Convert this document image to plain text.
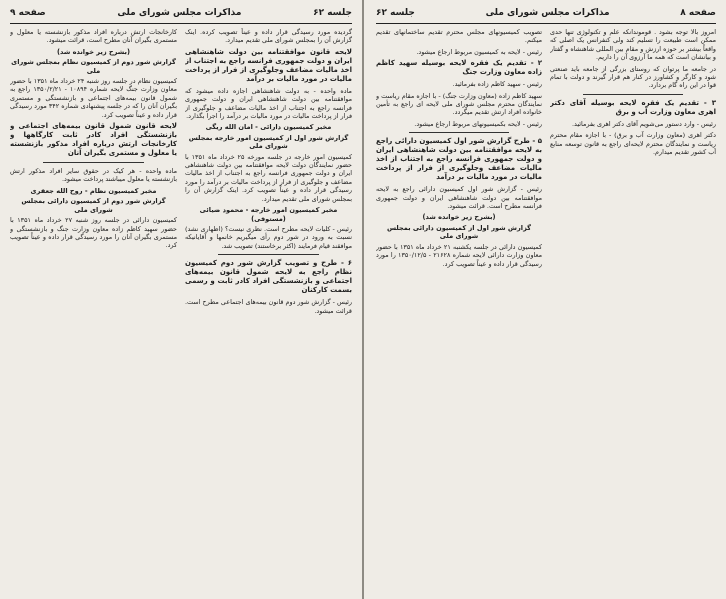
جلسه ۶۲
مذاکرات مجلس شورای ملی
صفحه ۹

گردیده مورد رسیدگی قرار داده و عیناً تصویب کرده. اینک گزارش آن را بمجلس شورای ملی تقدیم میدارد.

لایحه قانون موافقتنامه بین دولت شاهنشاهی ایران و دولت جمهوری فرانسه راجع به اجتناب از اخذ مالیات مضاعف وجلوگیری از فرار از پرداخت مالیات در مورد مالیات بر درآمد

ماده واحده - به دولت شاهنشاهی اجازه داده میشود که موافقتنامه بین دولت شاهنشاهی ایران و دولت جمهوری فرانسه راجع به اجتناب از اخذ مالیات مضاعف و جلوگیری از فرار از پرداخت مالیات در مورد مالیات بر درآمد را اجرا بگذارد.

مخبر کمیسیون دارائی - امان الله ریگی

گزارش شور اول از کمیسیون امور خارجه بمجلس شورای ملی

کمیسیون امور خارجه در جلسه مورخه ۲۵ خرداد ماه ۱۳۵۱ با حضور نمایندگان دولت لایحه موافقتنامه بین دولت شاهنشاهی ایران و دولت جمهوری فرانسه راجع به اجتناب از اخذ مالیات مضاعف و جلوگیری از فرار از پرداخت مالیات بر درآمد را مورد رسیدگی قرار داده و عیناً تصویب کرد. اینک گزارش آن را بمجلس شورای ملی تقدیم میدارد.

مخبر کمیسیون امور خارجه - محمود ضیائی (مستوفی)

رئیس - کلیات لایحه مطرح است. نظری نیست؟ (اظهاری نشد) نسبت به ورود در شور دوم رأی میگیریم خانمها و آقایانیکه موافقند قیام فرمایند (اکثر برخاستند) تصویب شد.

۶ - طرح و تصویب گزارش شور دوم کمیسیون نظام راجع به لایحه شمول قانون بیمه‌های اجتماعی و بازنشستگی افراد کادر ثابت و رسمی بسمت کارکنان

رئیس - گزارش شور دوم قانون بیمه‌های اجتماعی مطرح است. قرائت میشود.

کارخانجات ارتش درباره افراد مذکور بازنشسته یا معلول و مستمری بگیران آنان مطرح است، قرائت میشود.

(بشرح زیر خوانده شد)

گزارش شور دوم از کمیسیون نظام بمجلس شورای ملی

کمیسیون نظام در جلسه روز شنبه ۲۴ خرداد ماه ۱۳۵۱ با حضور معاون وزارت جنگ لایحه شماره ۱۰۸۹۴ - ۱۳۵۰/۲/۲۱ راجع به شمول قانون بیمه‌های اجتماعی و بازنشستگی و مستمری بگیران آنان را که در جلسه پیشنهادی شماره ۳۴۲ مورد رسیدگی قرار داده و عیناً تصویب کرد.

لایحه قانون شمول قانون بیمه‌های اجتماعی و بازنشستگی افراد کادر ثابت کارگاهها و کارخانجات ارتش درباره افراد مذکور بازنشسته یا معلول و مستمری بگیران آنان

ماده واحده - هر کیک در حقوق سایر افراد مذکور ارتش بازنشسته یا معلول میباشند پرداخت میشود.

مخبر کمیسیون نظام - روح الله جعفری

گزارش شور دوم از کمیسیون دارائی بمجلس شورای ملی

کمیسیون دارائی در جلسه روز شنبه ۲۷ خرداد ماه ۱۳۵۱ با حضور سهید کاظم زاده معاون وزارت جنگ و بازنشستگی و مستمری بگیران آنان را مورد رسیدگی قرار داده و عیناً تصویب کرد.

صفحه ۸
مذاکرات مجلس شورای ملی
جلسه ۶۲

امروز بالا توجه بشود . قوموندانکه علم و تکنولوژی تنها حدی ممکن است طبیعت را تسلیم کند ولی کنفرانس یک اصلی که واقعاً بیشتر بر حوزه ارزش و مقام بین المللی شاهنشاه و گفتار و بیانشان است که همه ما آرزوی آن را داریم.

در جامعه ما پرتوان که روستای بزرگی از جامعه باید صنعتی شود و کارگر و کشاورز در کنار هم قرار گیرند و دولت با تمام قوا در این راه گام بردارد.

۳ - تقدیم یک فقره لایحه بوسیله آقای دکتر اهری معاون وزارت آب و برق

رئیس - وارد دستور می‌شویم آقای دکتر اهری بفرمائید.

دکتر اهری (معاون وزارت آب و برق) - با اجازه مقام محترم ریاست و نمایندگان محترم لایحه‌ای راجع به قانون توسعه منابع آب کشور تقدیم میدارم.

تصویب کمیسیونهای مجلس محترم تقدیم ساختمانهای تقدیم میکنم.

رئیس - لایحه به کمیسیون مربوط ارجاع میشود.

۲ - تقدیم یک فقره لایحه بوسیله سهید کاظم زاده معاون وزارت جنگ

رئیس - سهید کاظم زاده بفرمائید.

سهید کاظم زاده (معاون وزارت جنگ) - با اجازه مقام ریاست و نمایندگان محترم مجلس شورای ملی لایحه ای راجع به تأمین خانواده افراد ارتش تقدیم میگردد.

رئیس - لایحه بکمیسیونهای مربوط ارجاع میشود.

۵ - طرح گزارش شور اول کمیسیون دارائی راجع به لایحه موافقتنامه بین دولت شاهنشاهی ایران و دولت جمهوری فرانسه راجع به اجتناب از اخذ مالیات مضاعف وجلوگیری از فرار از پرداخت مالیات در مورد مالیات بر درآمد

رئیس - گزارش شور اول کمیسیون دارائی راجع به لایحه موافقتنامه بین دولت شاهنشاهی ایران و دولت جمهوری فرانسه مطرح است. قرائت میشود.

(بشرح زیر خوانده شد)

گزارش شور اول از کمیسیون دارائی بمجلس شورای ملی

کمیسیون دارائی در جلسه یکشنبه ۲۱ خرداد ماه ۱۳۵۱ با حضور معاون وزارت دارائی لایحه شماره ۲۱۶۲۸ - ۱۳۵۰/۱۲/۵ را مورد رسیدگی قرار داده و عیناً تصویب کرد.
